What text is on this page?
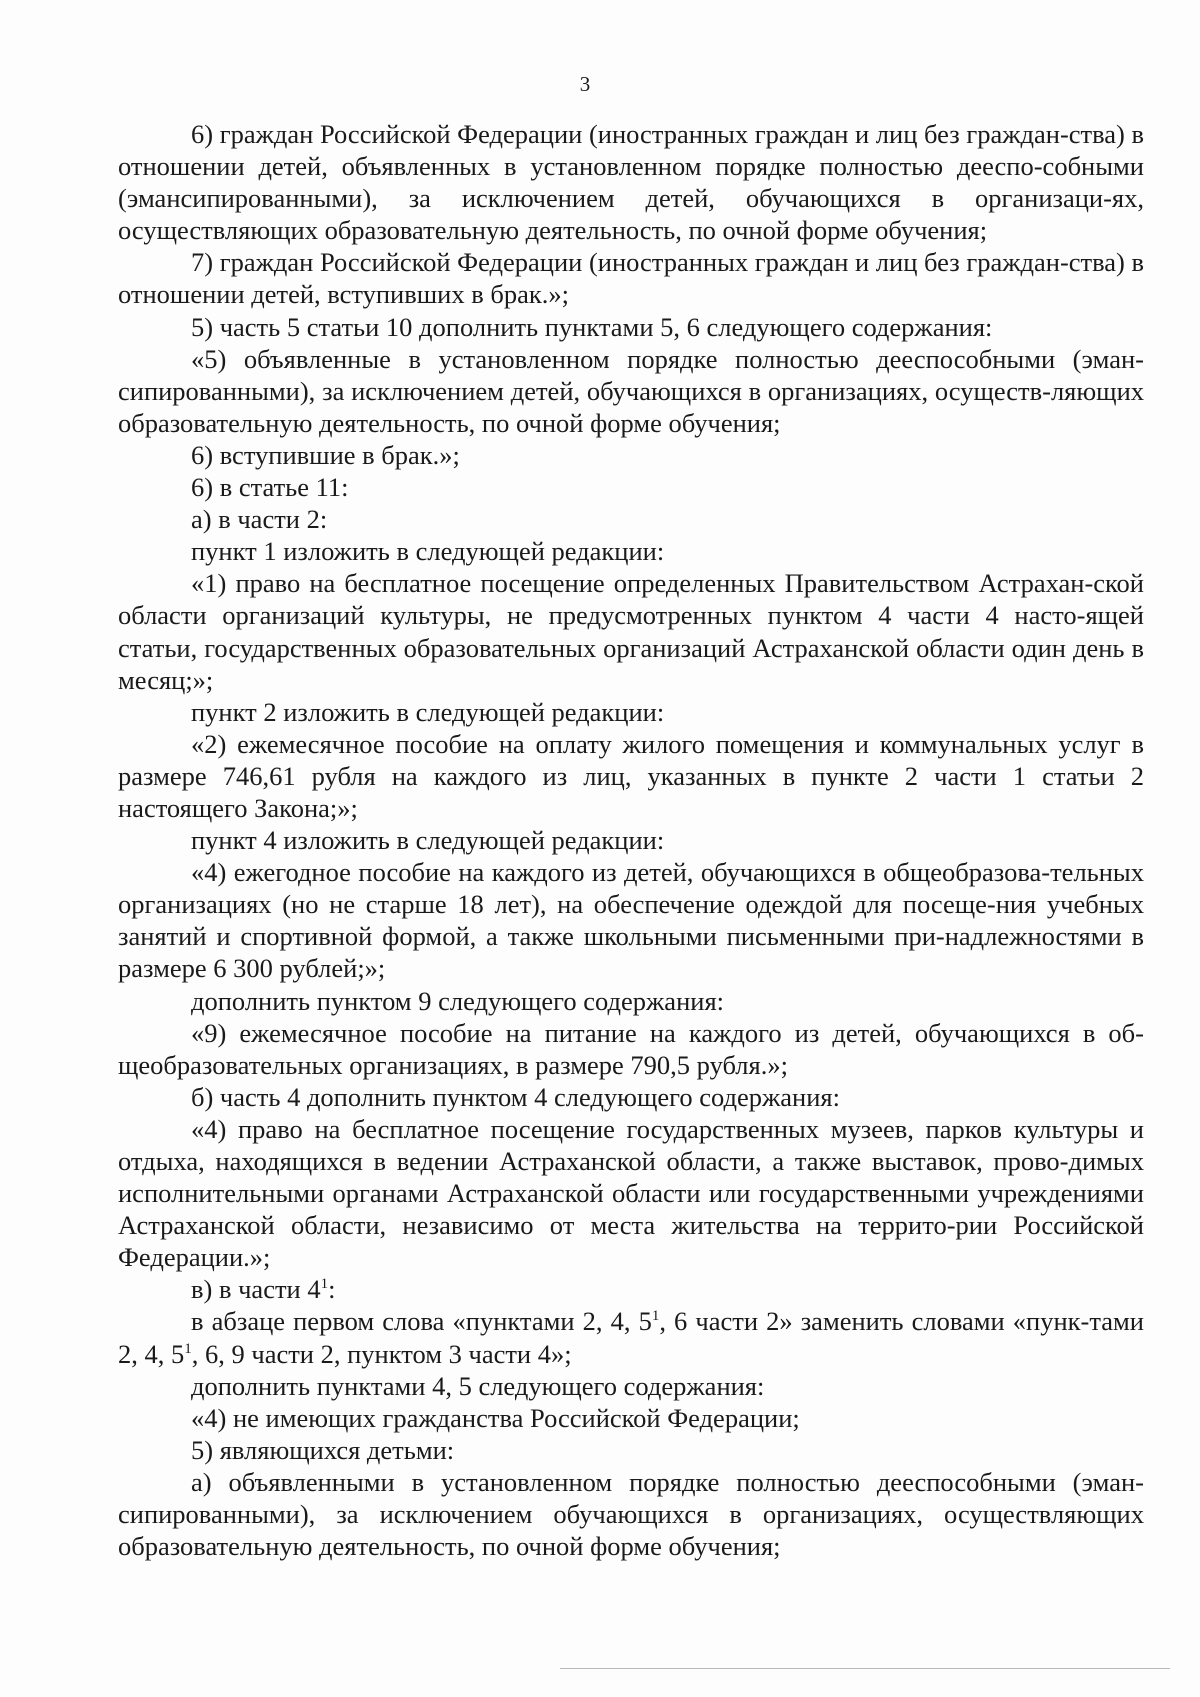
3

6) граждан Российской Федерации (иностранных граждан и лиц без граждан-ства) в отношении детей, объявленных в установленном порядке полностью дееспо-собными (эмансипированными), за исключением детей, обучающихся в организаци-ях, осуществляющих образовательную деятельность, по очной форме обучения;

7) граждан Российской Федерации (иностранных граждан и лиц без граждан-ства) в отношении детей, вступивших в брак.»;

5) часть 5 статьи 10 дополнить пунктами 5, 6 следующего содержания:

«5) объявленные в установленном порядке полностью дееспособными (эман-сипированными), за исключением детей, обучающихся в организациях, осуществ-ляющих образовательную деятельность, по очной форме обучения;

6) вступившие в брак.»;

6) в статье 11:

а) в части 2:

пункт 1 изложить в следующей редакции:

«1) право на бесплатное посещение определенных Правительством Астрахан-ской области организаций культуры, не предусмотренных пунктом 4 части 4 насто-ящей статьи, государственных образовательных организаций Астраханской области один день в месяц;»;

пункт 2 изложить в следующей редакции:

«2) ежемесячное пособие на оплату жилого помещения и коммунальных услуг в размере 746,61 рубля на каждого из лиц, указанных в пункте 2 части 1 статьи 2 настоящего Закона;»;

пункт 4 изложить в следующей редакции:

«4) ежегодное пособие на каждого из детей, обучающихся в общеобразова-тельных организациях (но не старше 18 лет), на обеспечение одеждой для посеще-ния учебных занятий и спортивной формой, а также школьными письменными при-надлежностями в размере 6 300 рублей;»;

дополнить пунктом 9 следующего содержания:

«9) ежемесячное пособие на питание на каждого из детей, обучающихся в об-щеобразовательных организациях, в размере 790,5 рубля.»;

б) часть 4 дополнить пунктом 4 следующего содержания:

«4) право на бесплатное посещение государственных музеев, парков культуры и отдыха, находящихся в ведении Астраханской области, а также выставок, прово-димых исполнительными органами Астраханской области или государственными учреждениями Астраханской области, независимо от места жительства на террито-рии Российской Федерации.»;

в) в части $4^1$:

в абзаце первом слова «пунктами 2, 4, $5^1$, 6 части 2» заменить словами «пунк-тами 2, 4, $5^1$, 6, 9 части 2, пунктом 3 части 4»;

дополнить пунктами 4, 5 следующего содержания:

«4) не имеющих гражданства Российской Федерации;

5) являющихся детьми:

а) объявленными в установленном порядке полностью дееспособными (эман-сипированными), за исключением обучающихся в организациях, осуществляющих образовательную деятельность, по очной форме обучения;
